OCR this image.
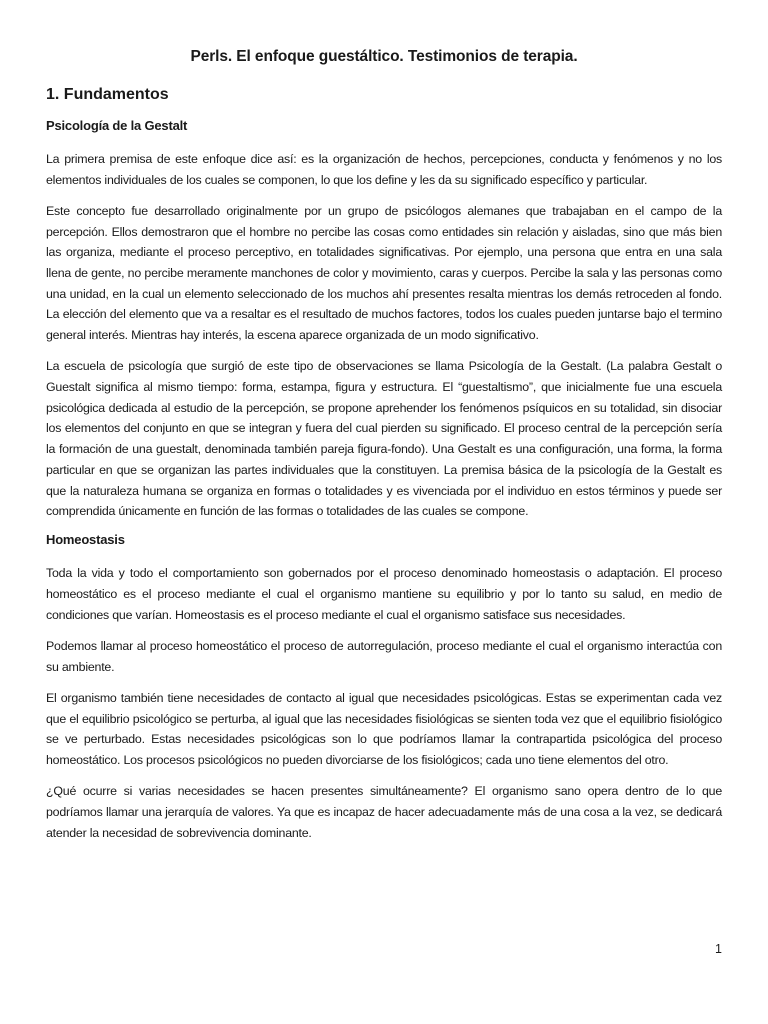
Perls. El enfoque guestáltico. Testimonios de terapia.
1. Fundamentos
Psicología de la Gestalt

La primera premisa de este enfoque dice así: es la organización de hechos, percepciones, conducta y fenómenos y no los elementos individuales de los cuales se componen, lo que los define y les da su significado específico y particular.

Este concepto fue desarrollado originalmente por un grupo de psicólogos alemanes que trabajaban en el campo de la percepción. Ellos demostraron que el hombre no percibe las cosas como entidades sin relación y aisladas, sino que más bien las organiza, mediante el proceso perceptivo, en totalidades significativas. Por ejemplo, una persona que entra en una sala llena de gente, no percibe meramente manchones de color y movimiento, caras y cuerpos. Percibe la sala y las personas como una unidad, en la cual un elemento seleccionado de los muchos ahí presentes resalta mientras los demás retroceden al fondo. La elección del elemento que va a resaltar es el resultado de muchos factores, todos los cuales pueden juntarse bajo el termino general interés. Mientras hay interés, la escena aparece organizada de un modo significativo.

La escuela de psicología que surgió de este tipo de observaciones se llama Psicología de la Gestalt. (La palabra Gestalt o Guestalt significa al mismo tiempo: forma, estampa, figura y estructura. El “guestaltismo”, que inicialmente fue una escuela psicológica dedicada al estudio de la percepción, se propone aprehender los fenómenos psíquicos en su totalidad, sin disociar los elementos del conjunto en que se integran y fuera del cual pierden su significado. El proceso central de la percepción sería la formación de una guestalt, denominada también pareja figura-fondo). Una Gestalt es una configuración, una forma, la forma particular en que se organizan las partes individuales que la constituyen. La premisa básica de la psicología de la Gestalt es que la naturaleza humana se organiza en formas o totalidades y es vivenciada por el individuo en estos términos y puede ser comprendida únicamente en función de las formas o totalidades de las cuales se compone.

Homeostasis

Toda la vida y todo el comportamiento son gobernados por el proceso denominado homeostasis o adaptación. El proceso homeostático es el proceso mediante el cual el organismo mantiene su equilibrio y por lo tanto su salud, en medio de condiciones que varían. Homeostasis es el proceso mediante el cual el organismo satisface sus necesidades.

Podemos llamar al proceso homeostático el proceso de autorregulación, proceso mediante el cual el organismo interactúa con su ambiente.

El organismo también tiene necesidades de contacto al igual que necesidades psicológicas. Estas se experimentan cada vez que el equilibrio psicológico se perturba, al igual que las necesidades fisiológicas se sienten toda vez que el equilibrio fisiológico se ve perturbado. Estas necesidades psicológicas son lo que podríamos llamar la contrapartida psicológica del proceso homeostático. Los procesos psicológicos no pueden divorciarse de los fisiológicos; cada uno tiene elementos del otro.

¿Qué ocurre si varias necesidades se hacen presentes simultáneamente? El organismo sano opera dentro de lo que podríamos llamar una jerarquía de valores. Ya que es incapaz de hacer adecuadamente más de una cosa a la vez, se dedicará atender la necesidad de sobrevivencia dominante.

1
